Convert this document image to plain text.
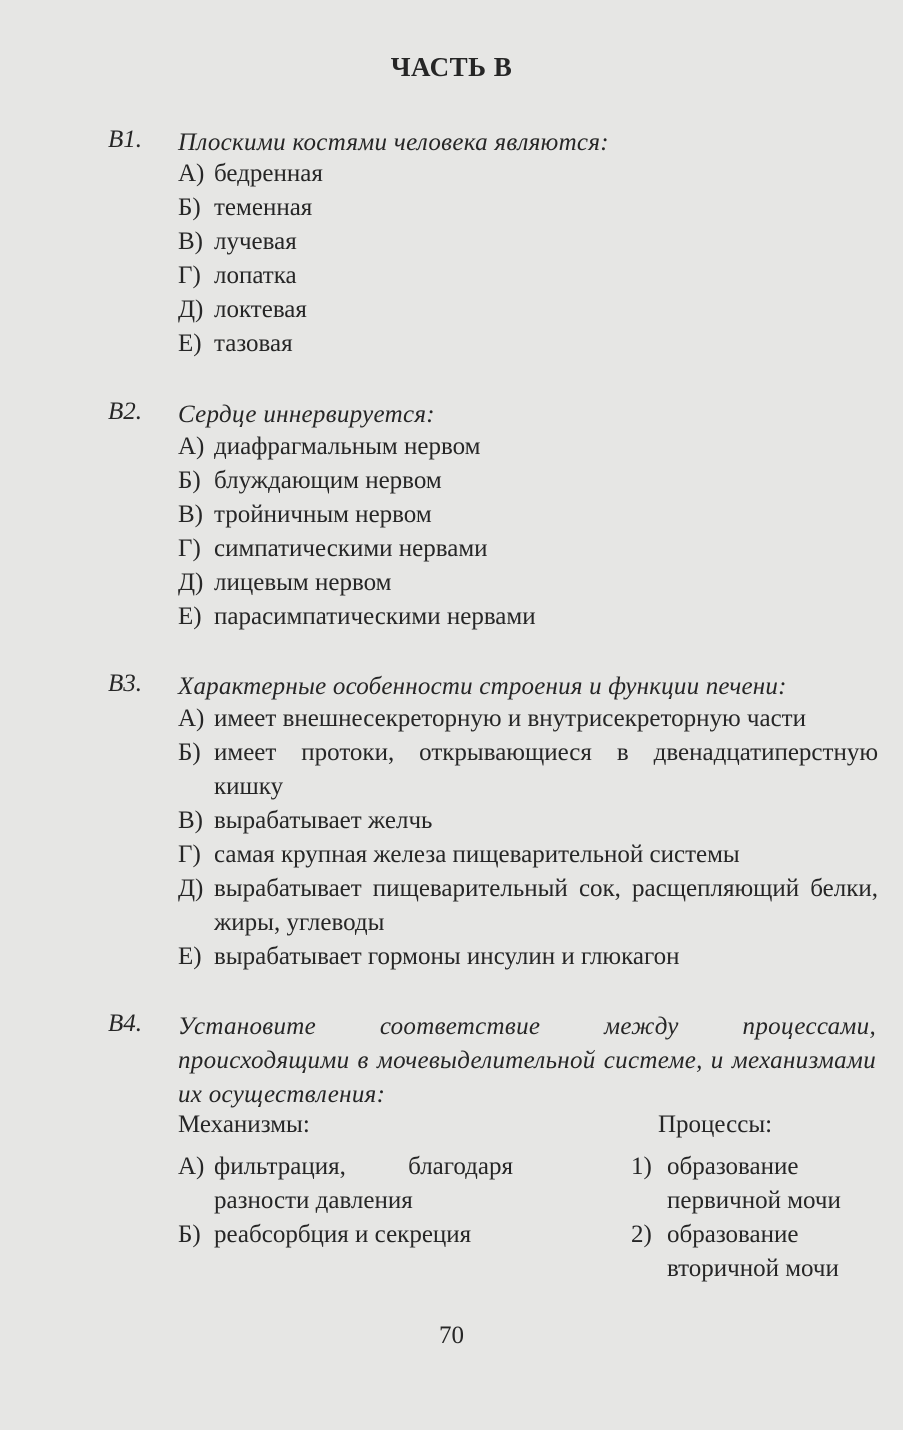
ЧАСТЬ В
В1. Плоскими костями человека являются:
А) бедренная
Б) теменная
В) лучевая
Г) лопатка
Д) локтевая
Е) тазовая
В2. Сердце иннервируется:
А) диафрагмальным нервом
Б) блуждающим нервом
В) тройничным нервом
Г) симпатическими нервами
Д) лицевым нервом
Е) парасимпатическими нервами
В3. Характерные особенности строения и функции печени:
А) имеет внешнесекреторную и внутрисекреторную части
Б) имеет протоки, открывающиеся в двенадцатиперстную кишку
В) вырабатывает желчь
Г) самая крупная железа пищеварительной системы
Д) вырабатывает пищеварительный сок, расщепляющий белки, жиры, углеводы
Е) вырабатывает гормоны инсулин и глюкагон
В4. Установите соответствие между процессами, происходящими в мочевыделительной системе, и механизмами их осуществления:
Механизмы:	Процессы:
А) фильтрация, благодаря разности давления
Б) реабсорбция и секреция
1) образование первичной мочи
2) образование вторичной мочи
70
